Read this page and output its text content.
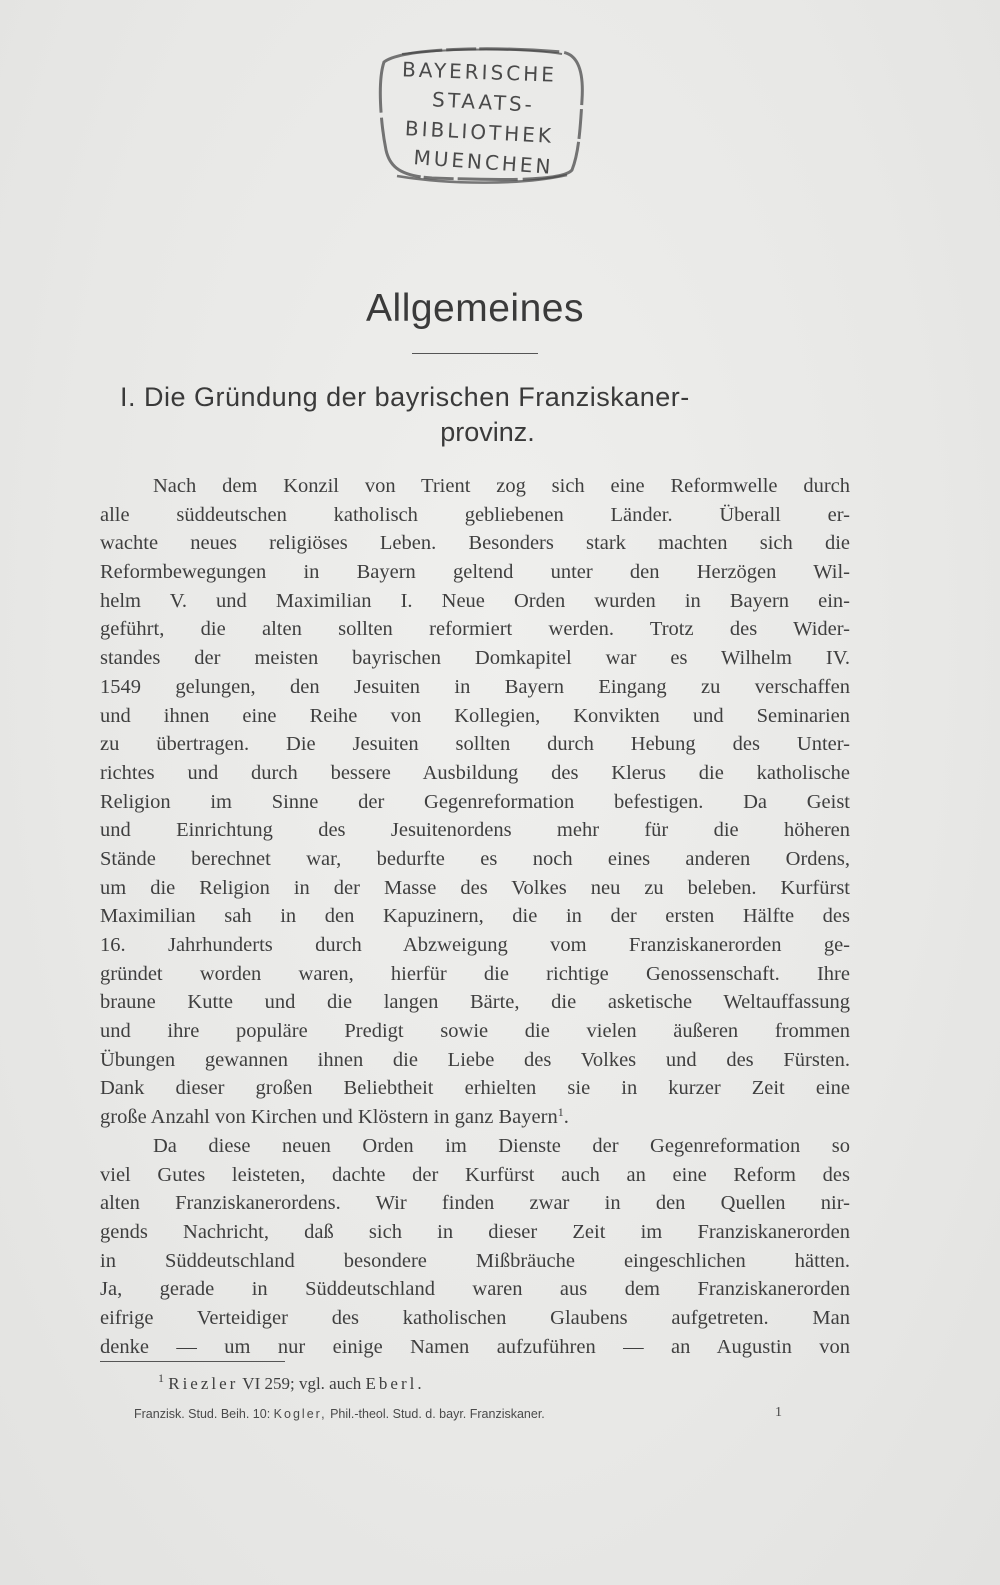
BAYERISCHE
STAATS-
BIBLIOTHEK
MUENCHEN
Allgemeines
I. Die Gründung der bayrischen Franziskaner-
provinz.
Nach dem Konzil von Trient zog sich eine Reformwelle durch
alle süddeutschen katholisch gebliebenen Länder. Überall er-
wachte neues religiöses Leben. Besonders stark machten sich die
Reformbewegungen in Bayern geltend unter den Herzögen Wil-
helm V. und Maximilian I. Neue Orden wurden in Bayern ein-
geführt, die alten sollten reformiert werden. Trotz des Wider-
standes der meisten bayrischen Domkapitel war es Wilhelm IV.
1549 gelungen, den Jesuiten in Bayern Eingang zu verschaffen
und ihnen eine Reihe von Kollegien, Konvikten und Seminarien
zu übertragen. Die Jesuiten sollten durch Hebung des Unter-
richtes und durch bessere Ausbildung des Klerus die katholische
Religion im Sinne der Gegenreformation befestigen. Da Geist
und Einrichtung des Jesuitenordens mehr für die höheren
Stände berechnet war, bedurfte es noch eines anderen Ordens,
um die Religion in der Masse des Volkes neu zu beleben. Kurfürst
Maximilian sah in den Kapuzinern, die in der ersten Hälfte des
16. Jahrhunderts durch Abzweigung vom Franziskanerorden ge-
gründet worden waren, hierfür die richtige Genossenschaft. Ihre
braune Kutte und die langen Bärte, die asketische Weltauffassung
und ihre populäre Predigt sowie die vielen äußeren frommen
Übungen gewannen ihnen die Liebe des Volkes und des Fürsten.
Dank dieser großen Beliebtheit erhielten sie in kurzer Zeit eine
große Anzahl von Kirchen und Klöstern in ganz Bayern$^1$.
Da diese neuen Orden im Dienste der Gegenreformation so
viel Gutes leisteten, dachte der Kurfürst auch an eine Reform des
alten Franziskanerordens. Wir finden zwar in den Quellen nir-
gends Nachricht, daß sich in dieser Zeit im Franziskanerorden
in Süddeutschland besondere Mißbräuche eingeschlichen hätten.
Ja, gerade in Süddeutschland waren aus dem Franziskanerorden
eifrige Verteidiger des katholischen Glaubens aufgetreten. Man
denke — um nur einige Namen aufzuführen — an Augustin von
$^1$ Riezler VI 259; vgl. auch Eberl.
Franzisk. Stud. Beih. 10: Kogler, Phil.-theol. Stud. d. bayr. Franziskaner.	1
